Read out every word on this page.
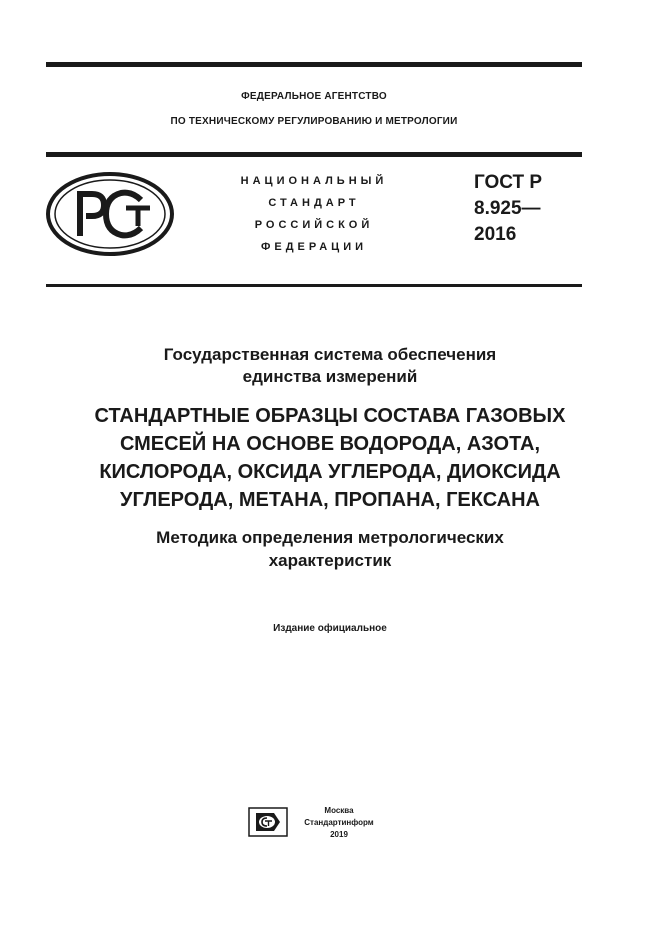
ФЕДЕРАЛЬНОЕ АГЕНТСТВО
ПО ТЕХНИЧЕСКОМУ РЕГУЛИРОВАНИЮ И МЕТРОЛОГИИ
НАЦИОНАЛЬНЫЙ
СТАНДАРТ
РОССИЙСКОЙ
ФЕДЕРАЦИИ
ГОСТ Р
8.925—
2016
Государственная система обеспечения
единства измерений
СТАНДАРТНЫЕ ОБРАЗЦЫ СОСТАВА ГАЗОВЫХ
СМЕСЕЙ НА ОСНОВЕ ВОДОРОДА, АЗОТА,
КИСЛОРОДА, ОКСИДА УГЛЕРОДА, ДИОКСИДА
УГЛЕРОДА, МЕТАНА, ПРОПАНА, ГЕКСАНА
Методика определения метрологических
характеристик
Издание официальное
Москва
Стандартинформ
2019
